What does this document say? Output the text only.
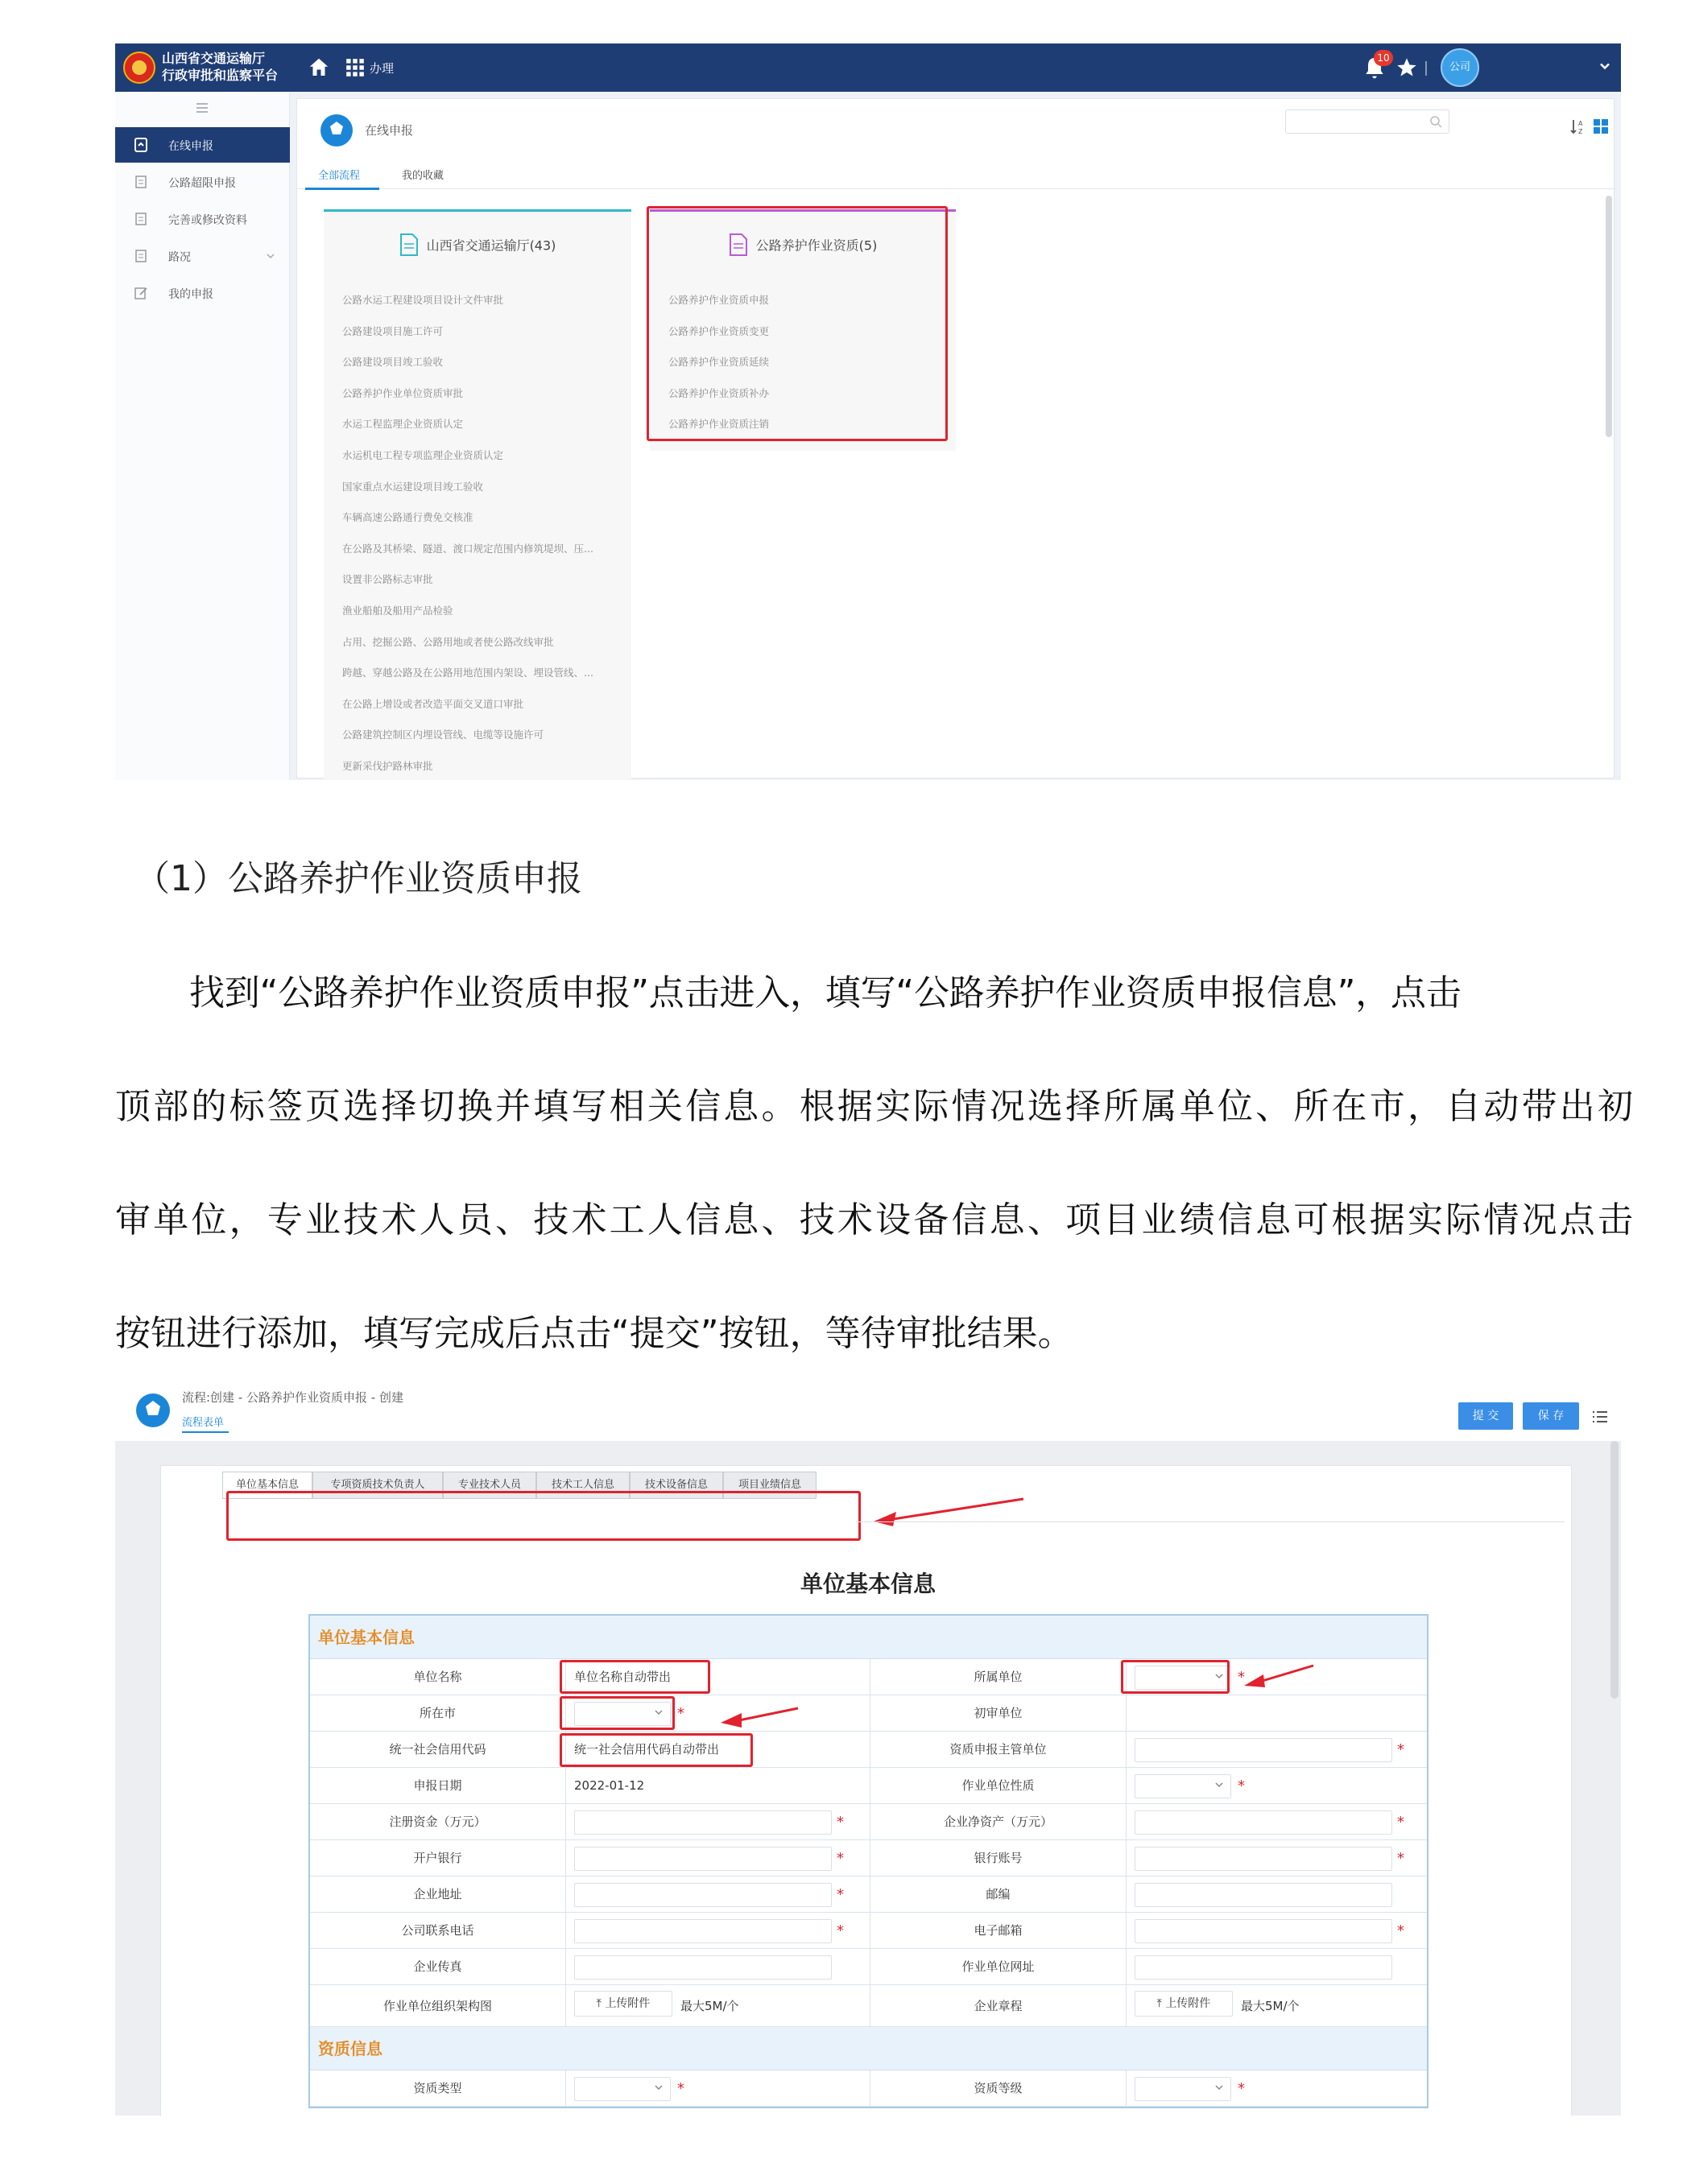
山西省交通运输厅
行政审批和监察平台	办理
10
公司
在线申报
公路超限申报
完善或修改资料
路况
我的申报
在线申报	A
Z
全部流程	我的收藏
山西省交通运输厅(43)
公路水运工程建设项目设计文件审批
公路建设项目施工许可
公路建设项目竣工验收
公路养护作业单位资质审批
水运工程监理企业资质认定
水运机电工程专项监理企业资质认定
国家重点水运建设项目竣工验收
车辆高速公路通行费免交核准
在公路及其桥梁、隧道、渡口规定范围内修筑堤坝、压...
设置非公路标志审批
渔业船舶及船用产品检验
占用、挖掘公路、公路用地或者使公路改线审批
跨越、穿越公路及在公路用地范围内架设、埋设管线、...
在公路上增设或者改造平面交叉道口审批
公路建筑控制区内埋设管线、电缆等设施许可
更新采伐护路林审批
公路养护作业资质(5)
公路养护作业资质申报
公路养护作业资质变更
公路养护作业资质延续
公路养护作业资质补办
公路养护作业资质注销
（1）公路养护作业资质申报
找到“公路养护作业资质申报”点击进入，填写“公路养护作业资质申报信息”，点击
顶部的标签页选择切换并填写相关信息。根据实际情况选择所属单位、所在市，自动带出初
审单位，专业技术人员、技术工人信息、技术设备信息、项目业绩信息可根据实际情况点击
按钮进行添加，填写完成后点击“提交”按钮，等待审批结果。
流程:创建 - 公路养护作业资质申报 - 创建
流程表单
提 交	保 存
单位基本信息	专项资质技术负责人	专业技术人员	技术工人信息	技术设备信息	项目业绩信息
单位基本信息
单位基本信息
单位名称	单位名称自动带出	所属单位	*
所在市	*	初审单位
统一社会信用代码	统一社会信用代码自动带出	资质申报主管单位	*
申报日期	2022-01-12	作业单位性质	*
注册资金（万元）	*	企业净资产（万元）	*
开户银行	*	银行账号	*
企业地址	*	邮编
公司联系电话	*	电子邮箱	*
企业传真	作业单位网址
作业单位组织架构图	⤒ 上传附件	最大5M/个	企业章程	⤒ 上传附件	最大5M/个
资质信息
资质类型	*	资质等级	*
